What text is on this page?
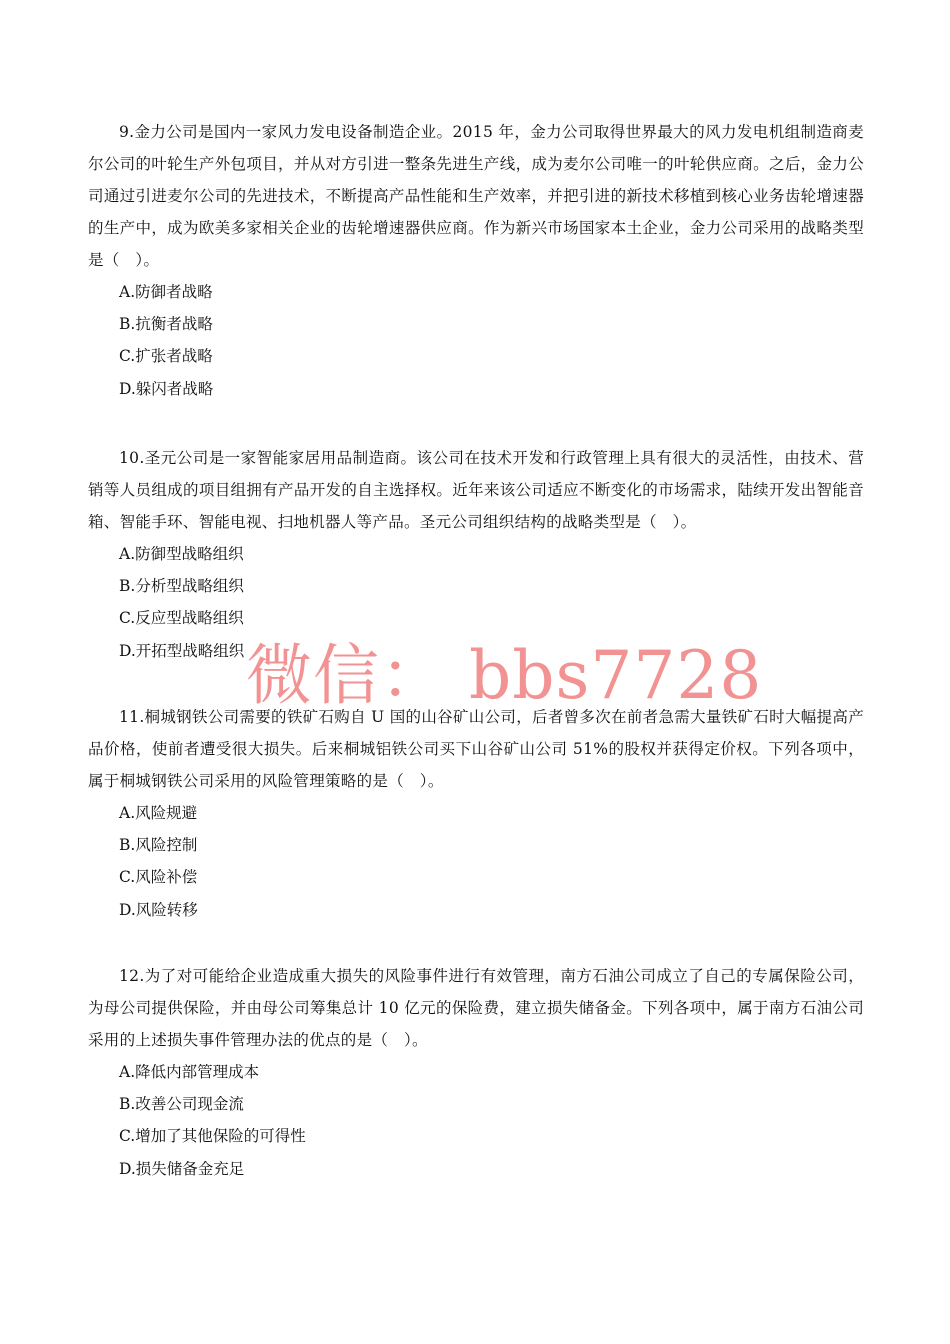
9.金力公司是国内一家风力发电设备制造企业。2015 年，金力公司取得世界最大的风力发电机组制造商麦尔公司的叶轮生产外包项目，并从对方引进一整条先进生产线，成为麦尔公司唯一的叶轮供应商。之后，金力公司通过引进麦尔公司的先进技术，不断提高产品性能和生产效率，并把引进的新技术移植到核心业务齿轮增速器的生产中，成为欧美多家相关企业的齿轮增速器供应商。作为新兴市场国家本土企业，金力公司采用的战略类型是（　）。

A.防御者战略
B.抗衡者战略
C.扩张者战略
D.躲闪者战略

10.圣元公司是一家智能家居用品制造商。该公司在技术开发和行政管理上具有很大的灵活性，由技术、营销等人员组成的项目组拥有产品开发的自主选择权。近年来该公司适应不断变化的市场需求，陆续开发出智能音箱、智能手环、智能电视、扫地机器人等产品。圣元公司组织结构的战略类型是（　）。

A.防御型战略组织
B.分析型战略组织
C.反应型战略组织
D.开拓型战略组织

11.桐城钢铁公司需要的铁矿石购自 U 国的山谷矿山公司，后者曾多次在前者急需大量铁矿石时大幅提高产品价格，使前者遭受很大损失。后来桐城铝铁公司买下山谷矿山公司 51%的股权并获得定价权。下列各项中，属于桐城钢铁公司采用的风险管理策略的是（　）。

A.风险规避
B.风险控制
C.风险补偿
D.风险转移

12.为了对可能给企业造成重大损失的风险事件进行有效管理，南方石油公司成立了自己的专属保险公司，为母公司提供保险，并由母公司筹集总计 10 亿元的保险费，建立损失储备金。下列各项中，属于南方石油公司采用的上述损失事件管理办法的优点的是（　）。

A.降低内部管理成本
B.改善公司现金流
C.增加了其他保险的可得性
D.损失储备金充足
微信： bbs7728
